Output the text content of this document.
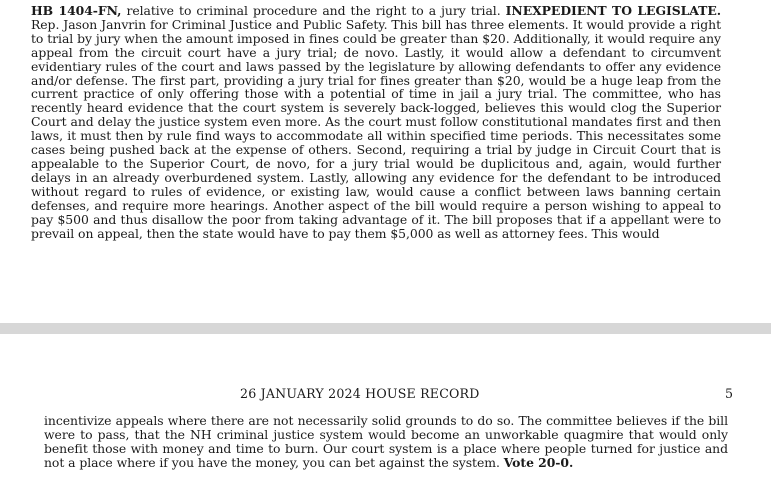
HB 1404-FN, relative to criminal procedure and the right to a jury trial. INEXPEDIENT TO LEGISLATE. Rep. Jason Janvrin for Criminal Justice and Public Safety. This bill has three elements. It would provide a right to trial by jury when the amount imposed in fines could be greater than $20. Additionally, it would require any appeal from the circuit court have a jury trial; de novo. Lastly, it would allow a defendant to circumvent evidentiary rules of the court and laws passed by the legislature by allowing defendants to offer any evidence and/or defense. The first part, providing a jury trial for fines greater than $20, would be a huge leap from the current practice of only offering those with a potential of time in jail a jury trial. The committee, who has recently heard evidence that the court system is severely back-logged, believes this would clog the Superior Court and delay the justice system even more. As the court must follow constitutional mandates first and then laws, it must then by rule find ways to accommodate all within specified time periods. This necessitates some cases being pushed back at the expense of others. Second, requiring a trial by judge in Circuit Court that is appealable to the Superior Court, de novo, for a jury trial would be duplicitous and, again, would further delays in an already overburdened system. Lastly, allowing any evidence for the defendant to be introduced without regard to rules of evidence, or existing law, would cause a conflict between laws banning certain defenses, and require more hearings. Another aspect of the bill would require a person wishing to appeal to pay $500 and thus disallow the poor from taking advantage of it. The bill proposes that if a appellant were to prevail on appeal, then the state would have to pay them $5,000 as well as attorney fees. This would

26 JANUARY 2024 HOUSE RECORD	5

incentivize appeals where there are not necessarily solid grounds to do so. The committee believes if the bill were to pass, that the NH criminal justice system would become an unworkable quagmire that would only benefit those with money and time to burn. Our court system is a place where people turned for justice and not a place where if you have the money, you can bet against the system. Vote 20-0.
